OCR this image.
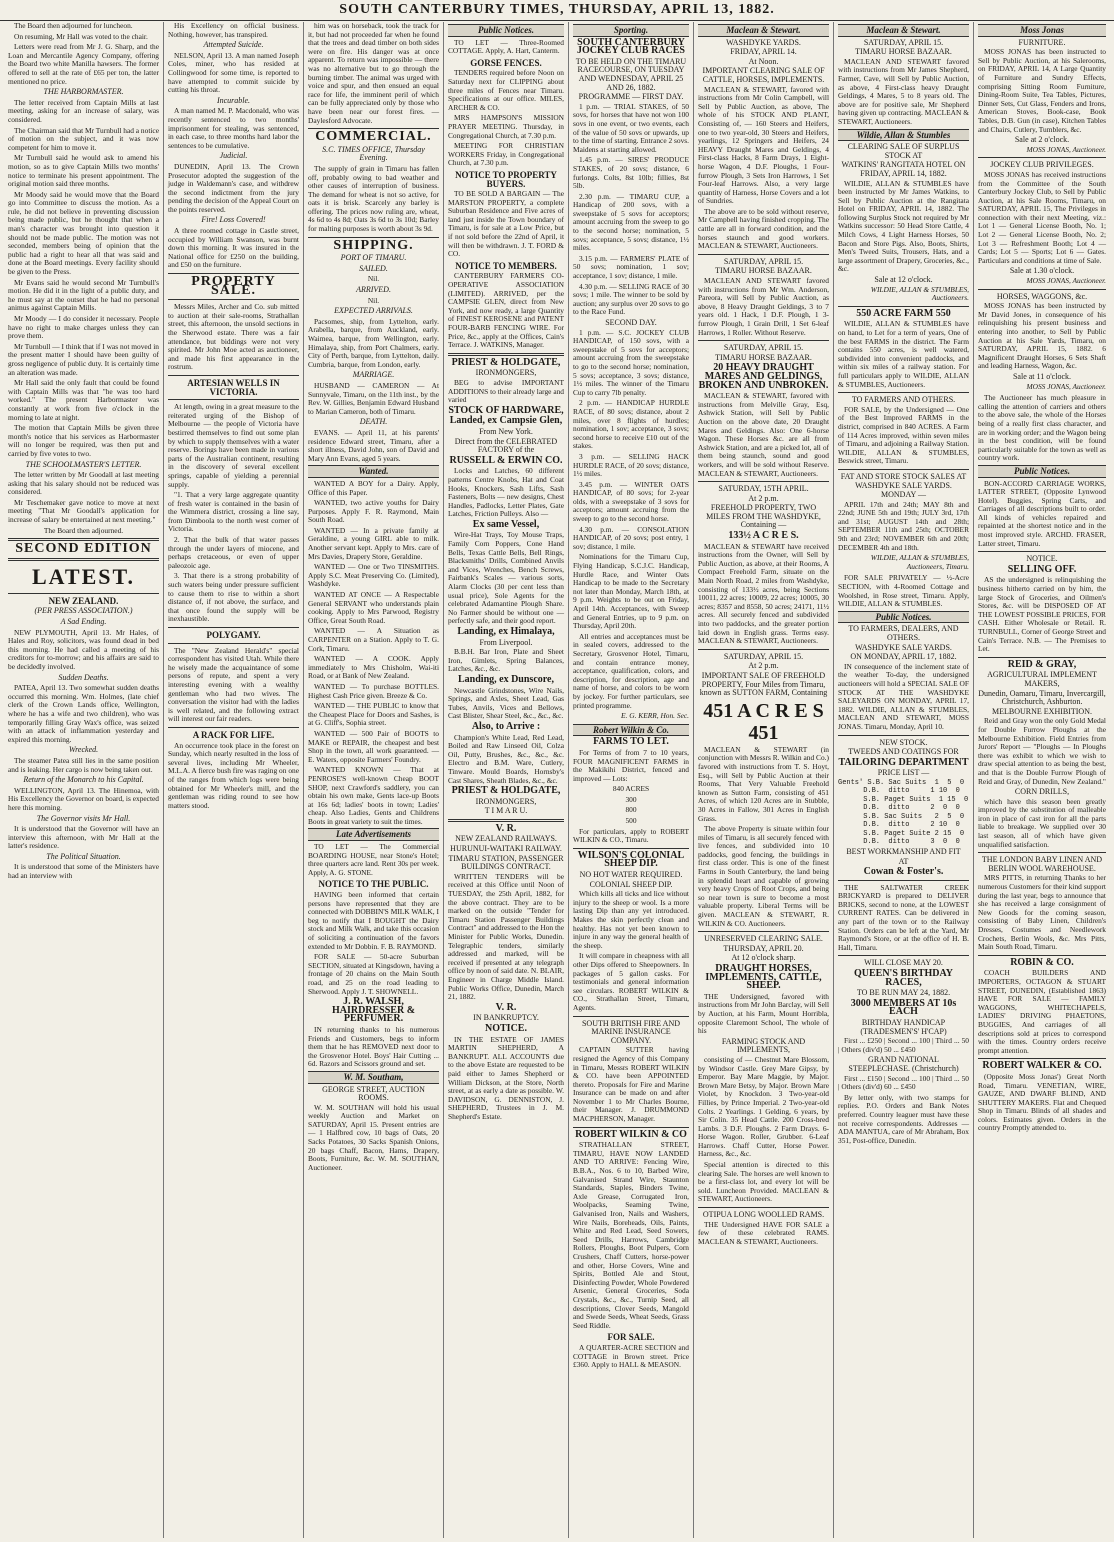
SOUTH CANTERBURY TIMES, THURSDAY, APRIL 13, 1882.

The Board then adjourned for luncheon.

On resuming, Mr Hall was voted to the chair.

Letters were read from Mr J. G. Sharp, and the Loan and Mercantile Agency Company, offering the Board two white Manilla hawsers. The former offered to sell at the rate of £65 per ton, the latter mentioned no price.

THE HARBORMASTER.

The letter received from Captain Mills at last meeting, asking for an increase of salary, was considered.

The Chairman said that Mr Turnbull had a notice of motion on the subject, and it was now competent for him to move it.

Mr Turnbull said he would ask to amend his motion, so as to give Captain Mills two months' notice to terminate his present appointment. The original motion said three months.

Mr Moody said he would move that the Board go into Committee to discuss the motion. As a rule, he did not believe in preventing discussion being made public, but he thought that when a man's character was brought into question it should not be made public. The motion was not seconded, members being of opinion that the public had a right to hear all that was said and done at the Board meetings. Every facility should be given to the Press.

Mr Evans said he would second Mr Turnbull's motion. He did it in the light of a public duty, and he must say at the outset that he had no personal animus against Captain Mills.

Mr Moody — I do consider it necessary. People have no right to make charges unless they can prove them.

Mr Turnbull — I think that if I was not moved in the present matter I should have been guilty of gross negligence of public duty. It is certainly time an alteration was made.

Mr Hall said the only fault that could be found with Captain Mills was that "he was too hard worked." The present Harbormaster was constantly at work from five o'clock in the morning to late at night.

The motion that Captain Mills be given three month's notice that his services as Harbormaster will no longer be required, was then put and carried by five votes to two.

THE SCHOOLMASTER'S LETTER.

The letter written by Mr Goodall at last meeting asking that his salary should not be reduced was considered.

Mr Teschemaker gave notice to move at next meeting "That Mr Goodall's application for increase of salary be entertained at next meeting."

The Board then adjourned.

SECOND EDITION
LATEST.
NEW ZEALAND.
(PER PRESS ASSOCIATION.)
A Sad Ending.

NEW PLYMOUTH, April 13. Mr Hales, of Hales and Roy, solicitors, was found dead in bed this morning. He had called a meeting of his creditors for to-morrow; and his affairs are said to be decidedly involved.

Sudden Deaths.

PATEA, April 13. Two somewhat sudden deaths occurred this morning. Wm. Holmes, (late chief clerk of the Crown Lands office, Wellington, where he has a wife and two children), who was temporarily filling Gray Wax's office, was seized with an attack of inflammation yesterday and expired this morning.

Wrecked.

The steamer Patea still lies in the same position and is leaking. Her cargo is now being taken out.

Return of the Monarch to his Capital.

WELLINGTON, April 13. The Hinemoa, with His Excellency the Governor on board, is expected here this morning.

The Governor visits Mr Hall.

It is understood that the Governor will have an interview this afternoon, with Mr Hall at the latter's residence.

The Political Situation.

It is understood that some of the Ministers have had an interview with

His Excellency on official business. Nothing, however, has transpired.

Attempted Suicide.

NELSON, April 13. A man named Joseph Coles, miner, who has resided at Collingwood for some time, is reported to have attempted to commit suicide by cutting his throat.

Incurable.

A man named M. P. Macdonald, who was recently sentenced to two months' imprisonment for stealing, was sentenced, in each case, to three months hard labor the sentences to be cumulative.

Judicial.

DUNEDIN, April 13. The Crown Prosecutor adopted the suggestion of the judge in Waldemann's case, and withdrew the second indictment from the jury pending the decision of the Appeal Court on the points reserved.

Fire! Loss Covered!

A three roomed cottage in Castle street, occupied by William Swanson, was burnt down this morning. It was insured in the National office for £250 on the building, and £50 on the furniture.

PROPERTY SALE.

Messrs Miles, Archer and Co. sub mitted to auction at their sale-rooms, Strathallan street, this afternoon, the unsold sections in the Sherwood estate. There was a fair attendance, but biddings were not very spirited. Mr John Moe acted as auctioneer, and made his first appearance in the rostrum.

ARTESIAN WELLS IN VICTORIA.

At length, owing in a great measure to the reiterated urging of the Bishop of Melbourne — the people of Victoria have bestirred themselves to find out some plan by which to supply themselves with a water reserve. Borings have been made in various parts of the Australian continent, resulting in the discovery of several excellent springs, capable of yielding a perennial supply.

"1. That a very large aggregate quantity of fresh water is contained in the basin of the Wimmera district, crossing a line say, from Dimboola to the north west corner of Victoria.

2. That the bulk of that water passes through the under layers of miocene, and perhaps cretaceous, or even of upper paleozoic age.

3. That there is a strong probability of such waters being under pressure sufficient to cause them to rise to within a short distance of, if not above, the surface, and that once found the supply will be inexhaustible.

POLYGAMY.

The "New Zealand Herald's" special correspondent has visited Utah. While there he wisely made the acquaintance of some persons of repute, and spent a very interesting evening with a wealthy gentleman who had two wives. The conversation the visitor had with the ladies is well related, and the following extract will interest our fair readers.

A RACK FOR LIFE.

An occurrence took place in the forest on Sunday, which nearly resulted in the loss of several lives, including Mr Wheeler, M.L.A. A fierce bush fire was raging on one of the ranges from which logs were being obtained for Mr Wheeler's mill, and the gentleman was riding round to see how matters stood.

him was on horseback, took the track for it, but had not proceeded far when he found that the trees and dead timber on both sides were on fire. His danger was at once apparent. To return was impossible — there was no alternative but to go through the burning timber. The animal was urged with voice and spur, and then ensued an equal race for life, the imminent peril of which can be fully appreciated only by those who have been near our forest fires. — Daylesford Advocate.

COMMERCIAL.
S.C. TIMES OFFICE, Thursday Evening.

The supply of grain in Timaru has fallen off, probably owing to bad weather and other causes of interruption of business. The demand for wheat is not so active, for oats it is brisk. Scarcely any barley is offering. The prices now ruling are, wheat, 4s 6d to 4s 8d; Oats 3s 6d to 3s 10d; Barley for malting purposes is worth about 3s 9d.

SHIPPING.
PORT OF TIMARU.
SAILED.

Nil.

ARRIVED.

Nil.

EXPECTED ARRIVALS.

Pacsomes, ship, from Lyttelton, early. Arabella, barque, from Auckland, early. Waimea, barque, from Wellington, early. Himalaya, ship, from Port Chalmers, early. City of Perth, barque, from Lyttelton, daily. Cumbria, barque, from London, early.

MARRIAGE.

HUSBAND — CAMERON — At Sunnyvale, Timaru, on the 11th inst., by the Rev. W. Gillies, Benjamin Edward Husband to Marian Cameron, both of Timaru.

DEATH.

EVANS. — April 11, at his parents' residence Edward street, Timaru, after a short illness, David John, son of David and Mary Ann Evans, aged 5 years.

Wanted.

WANTED A BOY for a Dairy. Apply, Office of this Paper.

WANTED, two active youths for Dairy Purposes. Apply F. R. Raymond, Main South Road.

WANTED — In a private family at Geraldine, a young GIRL able to milk. Another servant kept. Apply to Mrs. care of Mrs Davies, Drapery Store, Geraldine.

WANTED — One or Two TINSMITHS. Apply S.C. Meat Preserving Co. (Limited), Washdyke.

WANTED AT ONCE — A Respectable General SERVANT who understands plain cooking. Apply to Mrs Parwood, Registry Office, Great South Road.

WANTED — A Situation as CARPENTER on a Station. Apply to T. G. Cork, Timaru.

WANTED — A COOK. Apply immediately to Mrs Chisholm, Wai-iti Road, or at Bank of New Zealand.

WANTED — To purchase BOTTLES. Highest Cash Price given. Breeze & Co.

WANTED — THE PUBLIC to know that the Cheapest Place for Doors and Sashes, is at G. Cliff's, Sophia street.

WANTED — 500 Pair of BOOTS to MAKE or REPAIR, the cheapest and best Shop in the town, all work guaranteed. — E. Waters, opposite Farmers' Foundry.

WANTED KNOWN — That at PENROSE'S well-known Cheap BOOT SHOP, next Crawford's saddlery, you can obtain his own make, Gents lace-up Boots at 16s 6d; ladies' boots in town; Ladies' cheap. Also Ladies, Gents and Childrens Boots in great variety to suit the times.

Late Advertisements

TO LET — The Commercial BOARDING HOUSE, near Stone's Hotel; three quarters acre land. Rent 30s per week. Apply, A. G. STONE.

NOTICE TO THE PUBLIC.

HAVING been informed that certain persons have represented that they are connected with DOBBIN'S MILK WALK, I beg to notify that I BOUGHT the Dairy stock and Milk Walk, and take this occasion of soliciting a continuation of the favors extended to Mr Dobbin. F. B. RAYMOND.

FOR SALE — 50-acre Suburban SECTION, situated at Kingsdown, having a frontage of 20 chains on the Main South road, and 25 on the road leading to Sherwood. Apply J. T. SHOWNELL.

J. R. WALSH, HAIRDRESSER & PERFUMER.

IN returning thanks to his numerous Friends and Customers, begs to inform them that he has REMOVED next door to the Grosvenor Hotel. Boys' Hair Cutting ... 6d. Razors and Scissors ground and set.

W. M. Southam,
GEORGE STREET, AUCTION ROOMS.

W. M. SOUTHAN will hold his usual weekly Auction and Market on SATURDAY, April 15. Present entries are — 1 Halfbred cow, 10 bags of Oats, 20 Sacks Potatoes, 30 Sacks Spanish Onions, 20 bags Chaff, Bacon, Hams, Drapery, Boots, Furniture, &c. W. M. SOUTHAN, Auctioneer.

Public Notices.

TO LET — Three-Roomed COTTAGE. Apply, A. Hart, Canterm.

GORSE FENCES.

TENDERS required before Noon on Saturday next for CLIPPING about three miles of Fences near Timaru. Specifications at our office. MILES, ARCHER & CO.

MRS HAMPSON'S MISSION PRAYER MEETING. Thursday, in Congregational Church, at 7.30 p.m.

MEETING FOR CHRISTIAN WORKERS Friday, in Congregational Church, at 7.30 p.m.

NOTICE TO PROPERTY BUYERS.

TO BE SOLD A BARGAIN — The MARSTON PROPERTY, a complete Suburban Residence and Five acres of land just inside the Town boundary of Timaru, is for sale at a Low Price, but if not sold before the 22nd of April, it will then be withdrawn. J. T. FORD & CO.

NOTICE TO MEMBERS.

CANTERBURY FARMERS CO-OPERATIVE ASSOCIATION (LIMITED). ARRIVED, per the CAMPSIE GLEN, direct from New York, and now ready, a large Quantity of FINEST KEROSENE and PATENT FOUR-BARB FENCING WIRE. For Price, &c., apply at the Offices, Cain's Terrace. J. WATKINS, Manager.

PRIEST & HOLDGATE,
IRONMONGERS,

BEG to advise IMPORTANT ADDITIONS to their already large and varied

STOCK OF HARDWARE,
Landed, ex Campsie Glen,
From New York.
Direct from the CELEBRATED FACTORY of the
RUSSELL & ERWIN CO.

Locks and Latches, 60 different patterns Centre Knobs, Hat and Coat Hooks, Knockers, Sash Lifts, Sash Fasteners, Bolts — new designs, Chest Handles, Padlocks, Letter Plates, Gate Latches, Friction Pulleys. Also —

Ex same Vessel,

Wire-Hat Trays, Toy Mouse Traps, Family Corn Poppers, Cone Hand Bells, Texas Cattle Bells, Bell Rings, Blacksmiths' Drills, Combined Anvils and Vices, Wrenches, Bench Screws, Fairbank's Scales — various sorts, Alarm Clocks (30 per cent less than usual price), Sole Agents for the celebrated Adamantine Plough Share. No Farmer should be without one — perfectly safe, and their good report.

Landing, ex Himalaya,
From Liverpool.

B.B.H. Bar Iron, Plate and Sheet Iron, Gimlets, Spring Balances, Latches, &c., &c.

Landing, ex Dunscore,

Newcastle Grindstones, Wire Nails, Springs, and Axles, Sheet Lead, Gas Tubes, Anvils, Vices and Bellows, Cast Blister, Shear Steel, &c., &c., &c.

Also, to Arrive :

Champion's White Lead, Red Lead, Boiled and Raw Linseed Oil, Colza Oil, Putty, Brushes, &c., &c., &c. Electro and B.M. Ware, Cutlery, Tinware. Mould Boards, Hornsby's Cast Shares, Sheath Blades, &c., &c.

PRIEST & HOLDGATE,
IRONMONGERS,
T I M A R U.
V. R.
NEW ZEALAND RAILWAYS.
HURUNUI-WAITAKI RAILWAY.
TIMARU STATION, PASSENGER BUILDINGS CONTRACT.

WRITTEN TENDERS will be received at this Office until Noon of TUESDAY, the 25th April, 1882, for the above contract. They are to be marked on the outside "Tender for Timaru Station Passenger Buildings Contract" and addressed to the Hon the Minister for Public Works, Dunedin. Telegraphic tenders, similarly addressed and marked, will be received if presented at any telegraph office by noon of said date. N. BLAIR, Engineer in Charge Middle Island. Public Works Office, Dunedin, March 21, 1882.

V. R.
IN BANKRUPTCY.
NOTICE.

IN THE ESTATE OF JAMES MARTIN SHEPHERD, A BANKRUPT. ALL ACCOUNTS due to the above Estate are requested to be paid either to James Shepherd or William Dickson, at the Store, North street, at as early a date as possible. W. DAVIDSON, G. DENNISTON, J. SHEPHERD, Trustees in J. M. Shepherd's Estate.

Sporting.
SOUTH CANTERBURY JOCKEY CLUB RACES
TO BE HELD ON THE TIMARU RACECOURSE, ON TUESDAY AND WEDNESDAY, APRIL 25 AND 26, 1882.
PROGRAMME — FIRST DAY.

1 p.m. — TRIAL STAKES, of 50 sovs, for horses that have not won 100 sovs in one event, or two events, each of the value of 50 sovs or upwards, up to the time of starting. Entrance 2 sovs. Maidens at starting allowed.

1.45 p.m. — SIRES' PRODUCE STAKES, of 20 sovs; distance, 6 furlongs. Colts, 8st 10lb; fillies, 8st 5lb.

2.30 p.m. — TIMARU CUP, a Handicap of 200 sovs, with a sweepstake of 5 sovs for acceptors; amount accruing from the sweep to go to the second horse; nomination, 5 sovs; acceptance, 5 sovs; distance, 1½ miles.

3.15 p.m. — FARMERS' PLATE of 50 sovs; nomination, 1 sov; acceptance, 1 sov; distance, 1 mile.

4.30 p.m. — SELLING RACE of 30 sovs; 1 mile. The winner to be sold by auction; any surplus over 20 sovs to go to the Race Fund.

SECOND DAY.

1 p.m. — S.C. JOCKEY CLUB HANDICAP, of 150 sovs, with a sweepstake of 5 sovs for acceptors; amount accruing from the sweepstake to go to the second horse; nomination, 5 sovs; acceptance, 3 sovs; distance, 1½ miles. The winner of the Timaru Cup to carry 7lb penalty.

2 p.m. — HANDICAP HURDLE RACE, of 80 sovs; distance, about 2 miles, over 8 flights of hurdles; nomination, 1 sov; acceptance, 3 sovs; second horse to receive £10 out of the stakes.

3 p.m. — SELLING HACK HURDLE RACE, of 20 sovs; distance, 1½ miles.

3.45 p.m. — WINTER OATS HANDICAP, of 80 sovs; for 2-year olds, with a sweepstake of 3 sovs for acceptors; amount accruing from the sweep to go to the second horse.

4.30 p.m. — CONSOLATION HANDICAP, of 20 sovs; post entry, 1 sov; distance, 1 mile.

Nominations for the Timaru Cup, Flying Handicap, S.C.J.C. Handicap, Hurdle Race, and Winter Oats Handicap to be made to the Secretary not later than Monday, March 18th, at 9 p.m. Weights to be out on Friday, April 14th. Acceptances, with Sweep and General Entries, up to 9 p.m. on Thursday, April 20th.

All entries and acceptances must be in sealed covers, addressed to the Secretary, Grosvenor Hotel, Timaru, and contain entrance money, acceptance, qualification, colors, and description, for description, age and name of horse, and colors to be worn by jockey. For further particulars, see printed programme.

E. G. KERR, Hon. Sec.

Robert Wilkin & Co.
FARMS TO LET.

For Terms of from 7 to 10 years, FOUR MAGNIFICENT FARMS in the Makikihi District, fenced and improved — Lots:

840 ACRES

300

800

500

For particulars, apply to ROBERT WILKIN & CO., Timaru.

WILSON'S COLONIAL SHEEP DIP.
NO HOT WATER REQUIRED.
COLONIAL SHEEP DIP.

Which kills all ticks and lice without injury to the sheep or wool. Is a more lasting Dip than any yet introduced. Makes the skin perfectly clean and healthy. Has not yet been known to injure in any way the general health of the sheep.

It will compare in cheapness with all other Dips offered to Sheepowners. In packages of 5 gallon casks. For testimonials and general information see circulars. ROBERT WILKIN & CO., Strathallan Street, Timaru, Agents.

SOUTH BRITISH FIRE AND MARINE INSURANCE COMPANY.

CAPTAIN SUTTER having resigned the Agency of this Company in Timaru, Messrs ROBERT WILKIN & CO. have been APPOINTED thereto. Proposals for Fire and Marine Insurance can be made on and after November 1 to Mr Charles Bourne, their Manager. J. DRUMMOND MACPHERSON, Manager.

ROBERT WILKIN & CO

STRATHALLAN STREET, TIMARU, HAVE NOW LANDED AND TO ARRIVE: Fencing Wire, B.B.A., Nos. 6 to 10, Barbed Wire, Galvanised Strand Wire, Staunton Standards, Staples, Binders Twine, Axle Grease, Corrugated Iron, Woolpacks, Seaming Twine, Galvanised Iron, Nails and Washers, Wire Nails, Boreheads, Oils, Paints, White and Red Lead, Seed Sowers, Seed Drills, Harrows, Cambridge Rollers, Ploughs, Boot Pulpers, Corn Crushers, Chaff Cutters, horse-power and other, Horse Covers, Wine and Spirits, Bottled Ale and Stout, Disinfecting Powder, Whole Powdered Arsenic, General Groceries, Soda Crystals, &c., &c., Turnip Seed, all descriptions, Clover Seeds, Mangold and Swede Seeds, Wheat Seeds, Grass Seed Riddle.

FOR SALE.

A QUARTER-ACRE SECTION and COTTAGE in Brown street. Price £360. Apply to HALL & MEASON.

Maclean & Stewart.
WASHDYKE YARDS.
FRIDAY, APRIL 14.
At Noon.
IMPORTANT CLEARING SALE OF CATTLE, HORSES, IMPLEMENTS.

MACLEAN & STEWART, favored with instructions from Mr Colin Campbell, will Sell by Public Auction, as above, The whole of his STOCK AND PLANT, Consisting of, — 160 Steers and Heifers, one to two year-old, 30 Steers and Heifers, yearlings, 12 Springers and Heifers, 24 HEAVY Draught Mares and Geldings, 4 First-class Hacks, 8 Farm Drays, 1 Eight-horse Wagon, 4 D.F. Ploughs, 1 Four-furrow Plough, 3 Sets Iron Harrows, 1 Set Four-leaf Harrows. Also, a very large quantity of Harness, Horse Covers and a lot of Sundries.

The above are to be sold without reserve, Mr Campbell having finished cropping. The cattle are all in forward condition, and the horses staunch and good workers. MACLEAN & STEWART, Auctioneers.

SATURDAY, APRIL 15.
TIMARU HORSE BAZAAR.

MACLEAN AND STEWART favored with instructions from Mr Wm. Anderson, Pareora, will Sell by Public Auction, as above, 8 Heavy Draught Geldings, 3 to 7 years old. 1 Hack, 1 D.F. Plough, 1 3-furrow Plough, 1 Grain Drill, 1 Set 6-leaf Harrows, 1 Roller. Without Reserve.

SATURDAY, APRIL 15.
TIMARU HORSE BAZAAR.
20 HEAVY DRAUGHT MARES AND GELDINGS, BROKEN AND UNBROKEN.

MACLEAN & STEWART, favored with instructions from Melville Gray, Esq, Ashwick Station, will Sell by Public Auction on the above date, 20 Draught Mares and Geldings. Also: One 6-horse Wagon. These Horses &c. are all from Ashwick Station, and are a picked lot, all of them being staunch, sound and good workers, and will be sold without Reserve. MACLEAN & STEWART, Auctioneers.

SATURDAY, 15TH APRIL.
At 2 p.m.
FREEHOLD PROPERTY, TWO MILES FROM THE WASHDYKE, Containing —
133½ A C R E S.

MACLEAN & STEWART have received instructions from the Owner, will Sell by Public Auction, as above, at their Rooms, A Compact Freehold Farm, situate on the Main North Road, 2 miles from Washdyke, consisting of 133½ acres, being Sections 10011, 22 acres; 10009, 22 acres; 10005, 30 acres; 8357 and 8558, 50 acres; 24171, 11½ acres. All securely fenced and subdivided into two paddocks, and the greater portion laid down in English grass. Terms easy. MACLEAN & STEWART, Auctioneers.

SATURDAY, APRIL 15.
At 2 p.m.
IMPORTANT SALE OF FREEHOLD PROPERTY, Four Miles from Timaru, known as SUTTON FARM, Containing
451 A C R E S 451

MACLEAN & STEWART (in conjunction with Messrs R. Wilkin and Co.) favored with instructions from T. S. Hoyt, Esq., will Sell by Public Auction at their Rooms, That Very Valuable Freehold known as Sutton Farm, consisting of 451 Acres, of which 120 Acres are in Stubble, 30 Acres in Fallow, 301 Acres in English Grass.

The above Property is situate within four miles of Timaru, is all securely fenced with live fences, and subdivided into 10 paddocks, good fencing, the buildings in first class order. This is one of the finest Farms in South Canterbury, the land being in splendid heart and capable of growing very heavy Crops of Root Crops, and being so near town is sure to become a most valuable property. Liberal Terms will be given. MACLEAN & STEWART, R. WILKIN & CO. Auctioneers.

UNRESERVED CLEARING SALE.
THURSDAY, APRIL 20.
At 12 o'clock sharp.
DRAUGHT HORSES, IMPLEMENTS, CATTLE, SHEEP.

THE Undersigned, favored with instructions from Mr John Barclay, will Sell by Auction, at his Farm, Mount Horribla, opposite Claremont School, The whole of his

FARMING STOCK AND IMPLEMENTS,

consisting of — Chestnut Mare Blossom, by Windsor Castle. Grey Mare Gipsy, by Emperor. Bay Mare Maggie, by Major. Brown Mare Betsy, by Major. Brown Mare Violet, by Knockdon. 3 Two-year-old Fillies, by Prince Imperial. 2 Two-year-old Colts. 2 Yearlings. 1 Gelding, 6 years, by Sir Colin. 35 Head Cattle. 200 Cross-bred Lambs. 3 D.F. Ploughs. 2 Farm Drays. 6-Horse Wagon. Roller, Grubber. 6-Leaf Harrows. Chaff Cutter, Horse Power. Harness, &c., &c.

Special attention is directed to this clearing Sale. The horses are well known to be a first-class lot, and every lot will be sold. Luncheon Provided. MACLEAN & STEWART, Auctioneers.

OTIPUA LONG WOOLLED RAMS.

THE Undersigned HAVE FOR SALE a few of these celebrated RAMS. MACLEAN & STEWART, Auctioneers.

Maclean & Stewart.
SATURDAY, APRIL 15.
TIMARU HORSE BAZAAR.

MACLEAN AND STEWART favored with instructions from Mr James Shepherd, Farmer, Cave, will Sell by Public Auction, as above, 4 First-class heavy Draught Geldings, 4 Mares, 5 to 8 years old. The above are for positive sale, Mr Shepherd having given up contracting. MACLEAN & STEWART, Auctioneers.

Wildie, Allan & Stumbles
CLEARING SALE OF SURPLUS STOCK AT
WATKINS' RANGITATA HOTEL ON FRIDAY, APRIL 14, 1882.

WILDIE, ALLAN & STUMBLES have been instructed by Mr James Watkins, to Sell by Public Auction at the Rangitata Hotel on FRIDAY, APRIL 14, 1882. The following Surplus Stock not required by Mr Watkins successor: 50 Head Store Cattle, 4 Milch Cows, 4 Light Harness Horses, 50 Bacon and Store Pigs. Also, Boots, Shirts, Men's Tweed Suits, Trousers, Hats, and a large assortment of Drapery, Groceries, &c., &c.

Sale at 12 o'clock.

WILDIE, ALLAN & STUMBLES, Auctioneers.

550 ACRE FARM 550

WILDIE, ALLAN & STUMBLES have on hand, to Let for a term of years, One of the best FARMS in the district. The Farm contains 550 acres, is well watered, subdivided into convenient paddocks, and within six miles of a railway station. For full particulars apply to WILDIE, ALLAN & STUMBLES, Auctioneers.

TO FARMERS AND OTHERS.

FOR SALE, by the Undersigned — One of the Best Improved FARMS in the district, comprised in 840 ACRES. A Farm of 114 Acres improved, within seven miles of Timaru, and adjoining a Railway Station. WILDIE, ALLAN & STUMBLES, Beswick street, Timaru.

FAT AND STORE STOCK SALES AT WASHDYKE SALE YARDS.
MONDAY —

APRIL 17th and 24th; MAY 8th and 22nd; JUNE 5th and 19th; JULY 3rd, 17th and 31st; AUGUST 14th and 28th; SEPTEMBER 11th and 25th; OCTOBER 9th and 23rd; NOVEMBER 6th and 20th; DECEMBER 4th and 18th.

WILDIE, ALLAN & STUMBLES, Auctioneers, Timaru.

FOR SALE PRIVATELY — ½-Acre SECTION, with 4-Roomed Cottage and Woolshed, in Rose street, Timaru. Apply, WILDIE, ALLAN & STUMBLES.

Public Notices.
TO FARMERS, DEALERS, AND OTHERS.
WASHDYKE SALE YARDS.
ON MONDAY, APRIL 17, 1882.

IN consequence of the inclement state of the weather To-day, the undersigned auctioneers will hold a SPECIAL SALE OF STOCK AT THE WASHDYKE SALEYARDS ON MONDAY, APRIL 17, 1882. WILDIE, ALLAN & STUMBLES, MACLEAN AND STEWART, MOSS JONAS. Timaru, Monday, April 10.

NEW STOCK.
TWEEDS AND COATINGS FOR
TAILORING DEPARTMENT
PRICE LIST —
Gents' S.B. Sac Suits  1  5  0
D.B.  ditto     1 10  0
S.B. Paget Suits  1 15  0
D.B.  ditto     2  0  0
S.B. Sac Suits   2  5  0
D.B.  ditto     2 10  0
S.B. Paget Suite 2 15  0
D.B.  ditto     3  0  0
BEST WORKMANSHIP AND FIT
AT
Cowan & Foster's.

THE SALTWATER CREEK BRICKYARD is prepared to DELIVER BRICKS, second to none, at the LOWEST CURRENT RATES. Can be delivered in any part of the town or to the Railway Station. Orders can be left at the Yard, Mr Raymond's Store, or at the office of H. B. Hall, Timaru.

WILL CLOSE MAY 20.
QUEEN'S BIRTHDAY RACES,
TO BE RUN MAY 24, 1882.
3000 MEMBERS AT 10s EACH
BIRTHDAY HANDICAP (TRADESMEN'S' H'CAP)

First ... £250 | Second ... 100 | Third ... 50 | Others (div'd) 50 ... £450

GRAND NATIONAL STEEPLECHASE. (Christchurch)

First ... £150 | Second ... 100 | Third ... 50 | Others (div'd) 60 ... £450

By letter only, with two stamps for replies. P.O. Orders and Bank Notes preferred. Country leaguer must have these not receive correspondents. Addresses — ADA MANTUA, care of Mr Abraham, Box 351, Post-office, Dunedin.

Moss Jonas
FURNITURE.

MOSS JONAS has been instructed to Sell by Public Auction, at his Salerooms, on FRIDAY, APRIL 14, A Large Quantity of Furniture and Sundry Effects, comprising Sitting Room Furniture, Dining-Room Suite, Tea Tables, Pictures, Dinner Sets, Cut Glass, Fenders and Irons, American Stoves, Book-case, Book Tables, D.B. Gun (in case), Kitchen Tables and Chairs, Cutlery, Tumblers, &c.

Sale at 2 o'clock.

MOSS JONAS, Auctioneer.

JOCKEY CLUB PRIVILEGES.

MOSS JONAS has received instructions from the Committee of the South Canterbury Jockey Club, to Sell by Public Auction, at his Sale Rooms, Timaru, on SATURDAY, APRIL 15, The Privileges in connection with their next Meeting, viz.: Lot 1 — General License Booth, No. 1; Lot 2 — General License Booth, No. 2; Lot 3 — Refreshment Booth; Lot 4 — Cards; Lot 5 — Sports; Lot 6 — Gates. Particulars and conditions at time of Sale.

Sale at 1.30 o'clock.

MOSS JONAS, Auctioneer.

HORSES, WAGGONS, &c.

MOSS JONAS has been instructed by Mr David Jones, in consequence of his relinquishing his present business and entering into another, to Sell by Public Auction at his Sale Yards, Timaru, on SATURDAY, APRIL 15, 1882. 6 Magnificent Draught Horses, 6 Sets Shaft and leading Harness, Wagon, &c.

Sale at 11 o'clock.

MOSS JONAS, Auctioneer.

The Auctioneer has much pleasure in calling the attention of carriers and others to the above sale, the whole of the Horses being of a really first class character, and are in working order; and the Wagon being in the best condition, will be found particularly suitable for the town as well as country work.

Public Notices.

BON-ACCORD CARRIAGE WORKS, LATTER STREET, (Opposite Lynwood Hotel). Buggies, Spring Carts, and Carriages of all descriptions built to order. All kinds of vehicles repaired and repainted at the shortest notice and in the most improved style. ARCHD. FRASER, Latter street, Timaru.

NOTICE.
SELLING OFF.

AS the undersigned is relinquishing the business hitherto carried on by him, the large Stock of Groceries, and Oilmen's Stores, &c. will be DISPOSED OF AT THE LOWEST POSSIBLE PRICES, FOR CASH. Either Wholesale or Retail. R. TURNBULL, Corner of George Street and Cain's Terrace. N.B. — The Premises to Let.

REID & GRAY,
AGRICULTURAL IMPLEMENT MAKERS,
Dunedin, Oamaru, Timaru, Invercargill, Christchurch, Ashburton.
MELBOURNE EXHIBITION.

Reid and Gray won the only Gold Medal for Double Furrow Ploughs at the Melbourne Exhibition. Field Entries from Jurors' Report — "Ploughs — In Ploughs there was exhibit to which we wish to draw special attention to as being the best, and that is the Double Furrow Plough of Reid and Gray, of Dunedin, New Zealand."

CORN DRILLS,

which have this season been greatly improved by the substitution of malleable iron in place of cast iron for all the parts liable to breakage. We supplied over 30 last season, all of which have given unqualified satisfaction.

THE LONDON BABY LINEN AND BERLIN WOOL WAREHOUSE.

MRS PITTS, in returning Thanks to her numerous Customers for their kind support during the last year, begs to announce that she has received a large consignment of New Goods for the coming season, consisting of Baby Linen, Children's Dresses, Costumes and Needlework Crochets, Berlin Wools, &c. Mrs Pitts, Main South Road, Timaru.

ROBIN & CO.

COACH BUILDERS AND IMPORTERS, OCTAGON & STUART STREET, DUNEDIN, (Established 1863) HAVE FOR SALE — FAMILY WAGGONS, WHITECHAPELS, LADIES' DRIVING PHAETONS, BUGGIES, And carriages of all descriptions sold at prices to correspond with the times. Country orders receive prompt attention.

ROBERT WALKER & CO.

(Opposite Moss Jonas') Great North Road, Timaru. VENETIAN, WIRE, GAUZE, AND DWARF BLIND, AND SHUTTERY MAKERS. Flat and Chequed Shop in Timaru. Blinds of all shades and colors. Estimates given. Orders in the country Promptly attended to.
